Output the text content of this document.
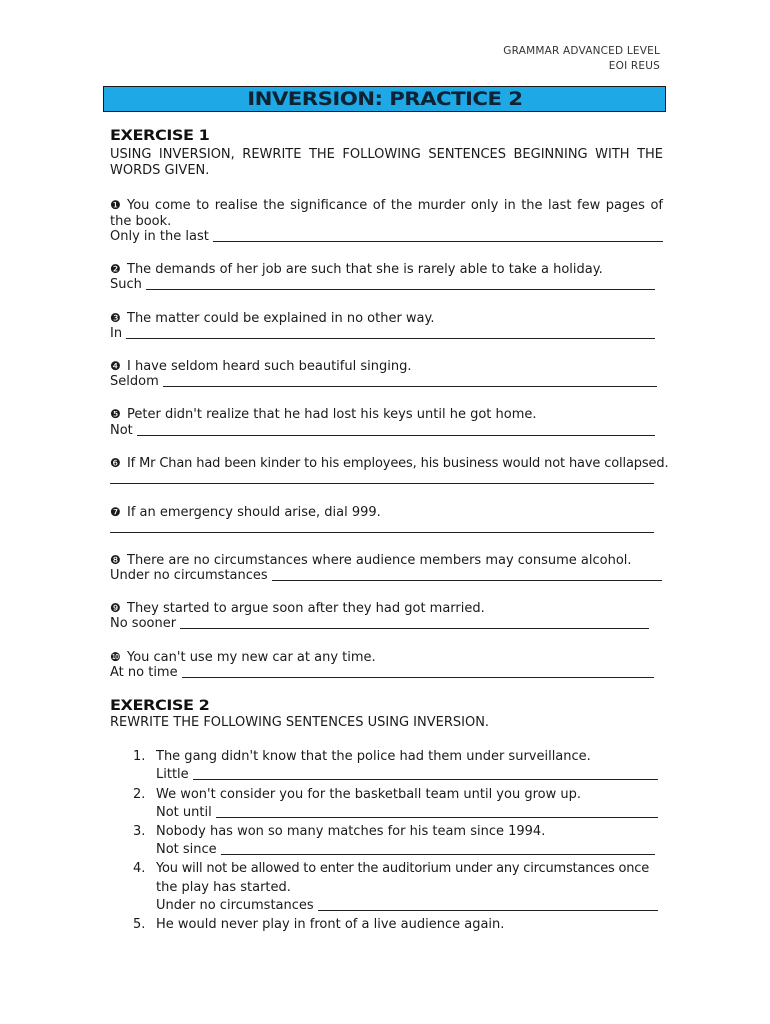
GRAMMAR ADVANCED LEVEL
EOI REUS
INVERSION: PRACTICE 2
EXERCISE 1
USING INVERSION, REWRITE THE FOLLOWING SENTENCES BEGINNING WITH THE WORDS GIVEN.
❶ You come to realise the significance of the murder only in the last few pages of the book.
Only in the last
❷ The demands of her job are such that she is rarely able to take a holiday.
Such
❸ The matter could be explained in no other way.
In
❹ I have seldom heard such beautiful singing.
Seldom
❺ Peter didn't realize that he had lost his keys until he got home.
Not
❻ If Mr Chan had been kinder to his employees, his business would not have collapsed.
❼ If an emergency should arise, dial 999.
❽ There are no circumstances where audience members may consume alcohol.
Under no circumstances
❾ They started to argue soon after they had got married.
No sooner
❿ You can't use my new car at any time.
At no time
EXERCISE 2
REWRITE THE FOLLOWING SENTENCES USING INVERSION.
1. The gang didn't know that the police had them under surveillance.
Little
2. We won't consider you for the basketball team until you grow up.
Not until
3. Nobody has won so many matches for his team since 1994.
Not since
4. You will not be allowed to enter the auditorium under any circumstances once
the play has started.
Under no circumstances
5. He would never play in front of a live audience again.
